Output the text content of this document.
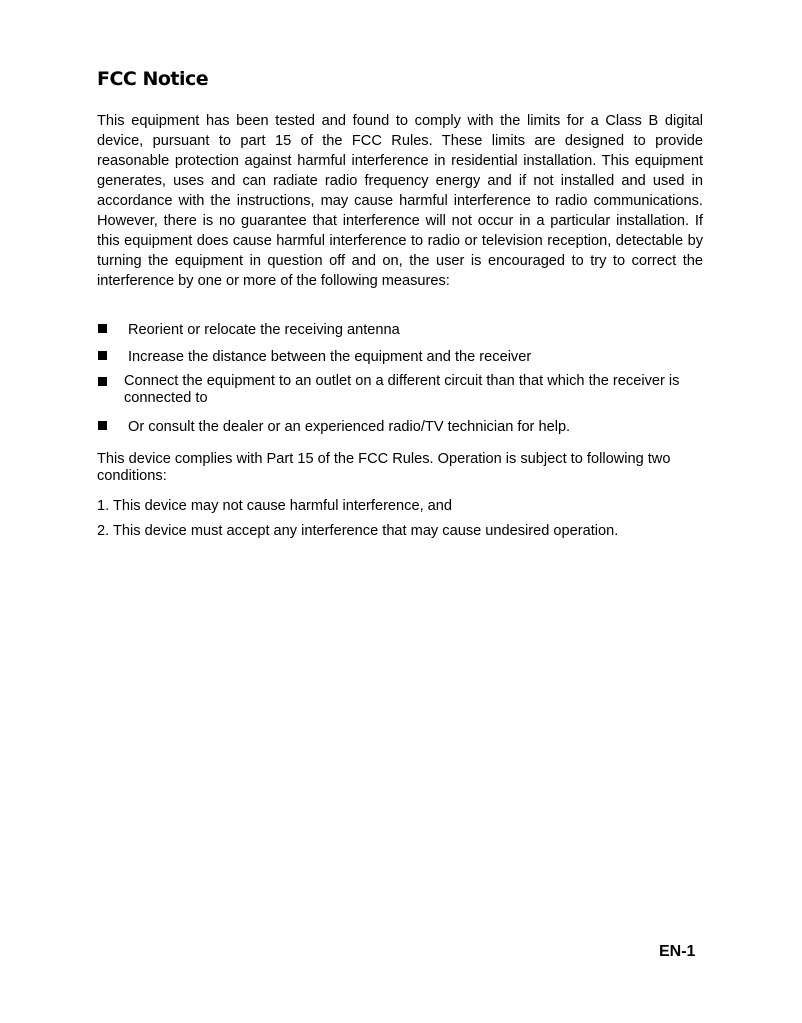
FCC Notice

This equipment has been tested and found to comply with the limits for a Class B digital device, pursuant to part 15 of the FCC Rules. These limits are designed to provide reasonable protection against harmful interference in residential installation. This equipment generates, uses and can radiate radio frequency energy and if not installed and used in accordance with the instructions, may cause harmful interference to radio communications. However, there is no guarantee that interference will not occur in a particular installation. If this equipment does cause harmful interference to radio or television reception, detectable by turning the equipment in question off and on, the user is encouraged to try to correct the interference by one or more of the following measures:

Reorient or relocate the receiving antenna
Increase the distance between the equipment and the receiver
Connect the equipment to an outlet on a different circuit than that which the receiver is connected to
Or consult the dealer or an experienced radio/TV technician for help.

This device complies with Part 15 of the FCC Rules. Operation is subject to following two conditions:

1. This device may not cause harmful interference, and

2. This device must accept any interference that may cause undesired operation.

EN-1
